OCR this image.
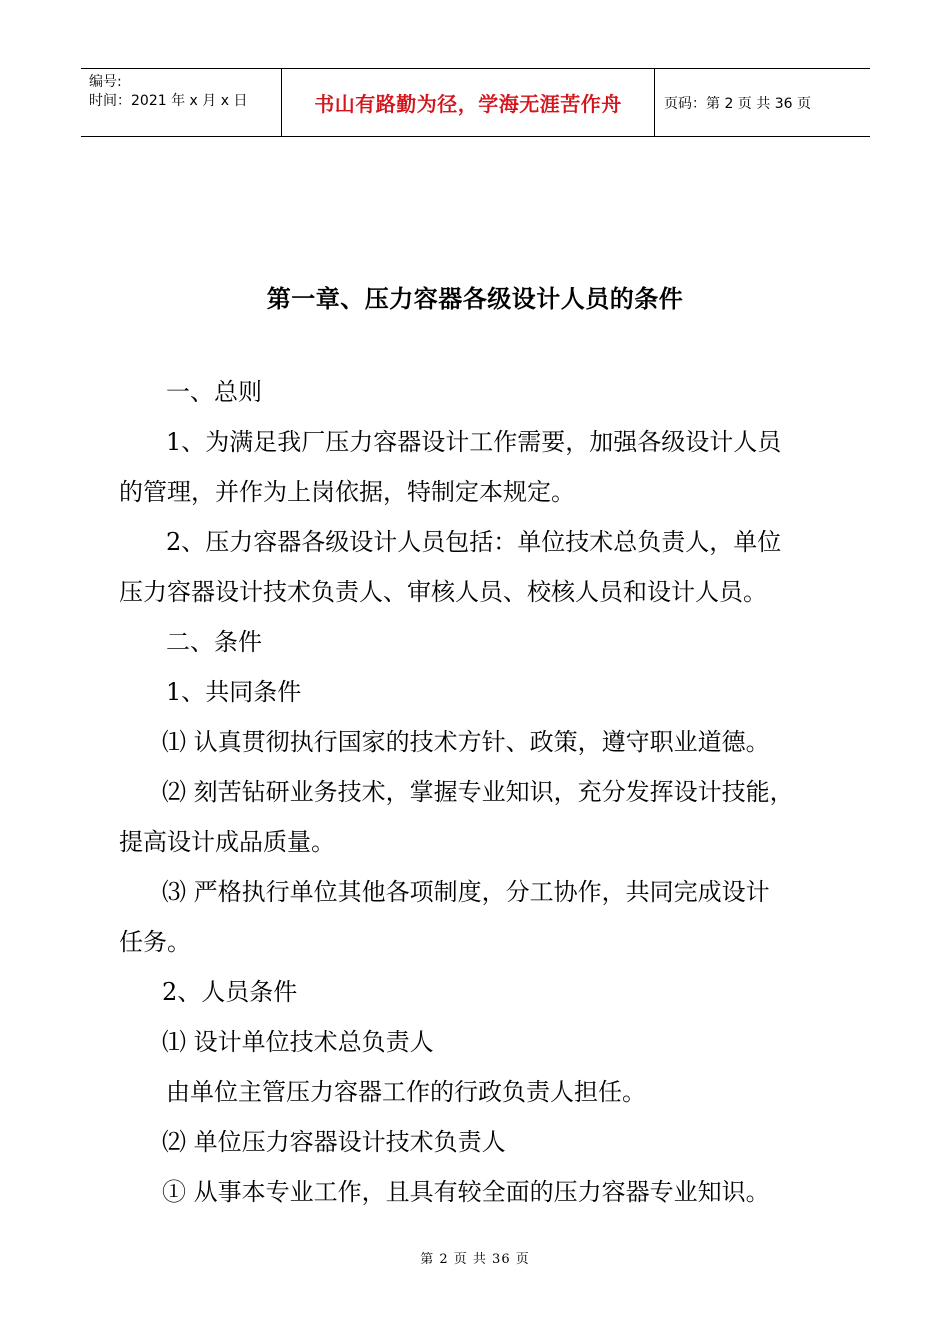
编号:
时间：2021 年 x 月 x 日	书山有路勤为径，学海无涯苦作舟	页码：第 2 页 共 36 页
第一章、压力容器各级设计人员的条件
一、总则
1、为满足我厂压力容器设计工作需要，加强各级设计人员
的管理，并作为上岗依据，特制定本规定。
2、压力容器各级设计人员包括：单位技术总负责人，单位
压力容器设计技术负责人、审核人员、校核人员和设计人员。
二、条件
1、共同条件
⑴ 认真贯彻执行国家的技术方针、政策，遵守职业道德。
⑵ 刻苦钻研业务技术，掌握专业知识，充分发挥设计技能，
提高设计成品质量。
⑶ 严格执行单位其他各项制度，分工协作，共同完成设计
任务。
2、人员条件
⑴ 设计单位技术总负责人
由单位主管压力容器工作的行政负责人担任。
⑵ 单位压力容器设计技术负责人
① 从事本专业工作，且具有较全面的压力容器专业知识。
第 2 页 共 36 页
